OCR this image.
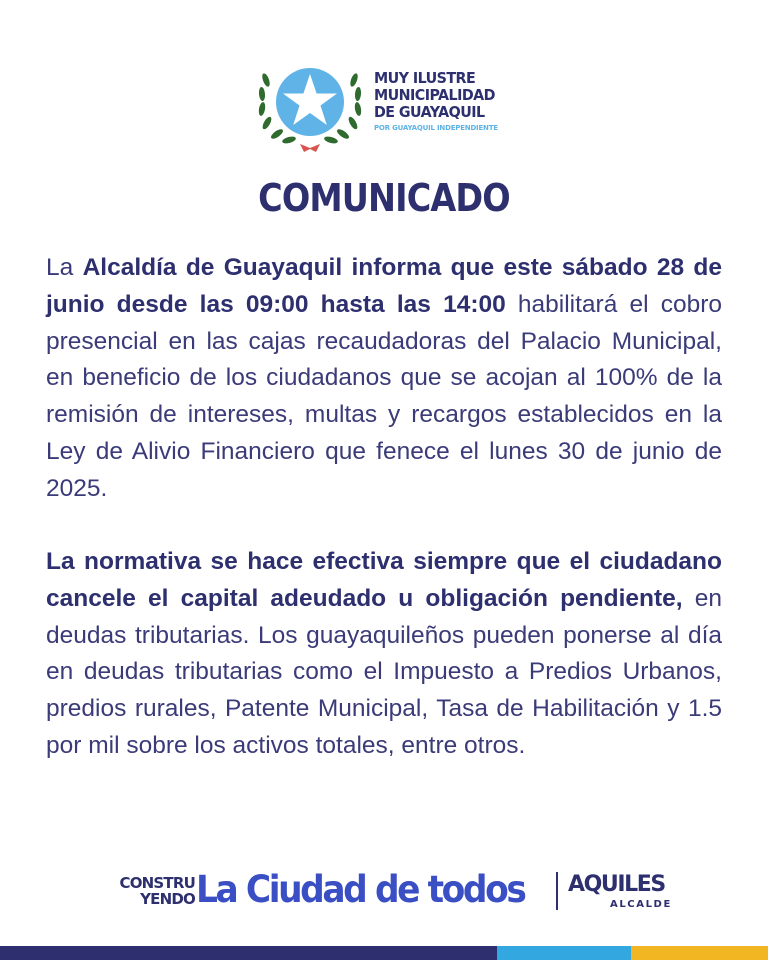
MUY ILUSTRE
MUNICIPALIDAD
DE GUAYAQUIL
POR GUAYAQUIL INDEPENDIENTE
COMUNICADO
La Alcaldía de Guayaquil informa que este sábado 28 de junio desde las 09:00 hasta las 14:00 habilitará el cobro presencial en las cajas recaudadoras del Palacio Municipal, en beneficio de los ciudadanos que se acojan al 100% de la remisión de intereses, multas y recargos establecidos en la Ley de Alivio Financiero que fenece el lunes 30 de junio de 2025.
La normativa se hace efectiva siempre que el ciudadano cancele el capital adeudado u obligación pendiente, en deudas tributarias. Los guayaquileños pueden ponerse al día en deudas tributarias como el Impuesto a Predios Urbanos, predios rurales, Patente Municipal, Tasa de Habilitación y 1.5 por mil sobre los activos totales, entre otros.
CONSTRU
YENDO La Ciudad de todos AQUILES
ALCALDE
